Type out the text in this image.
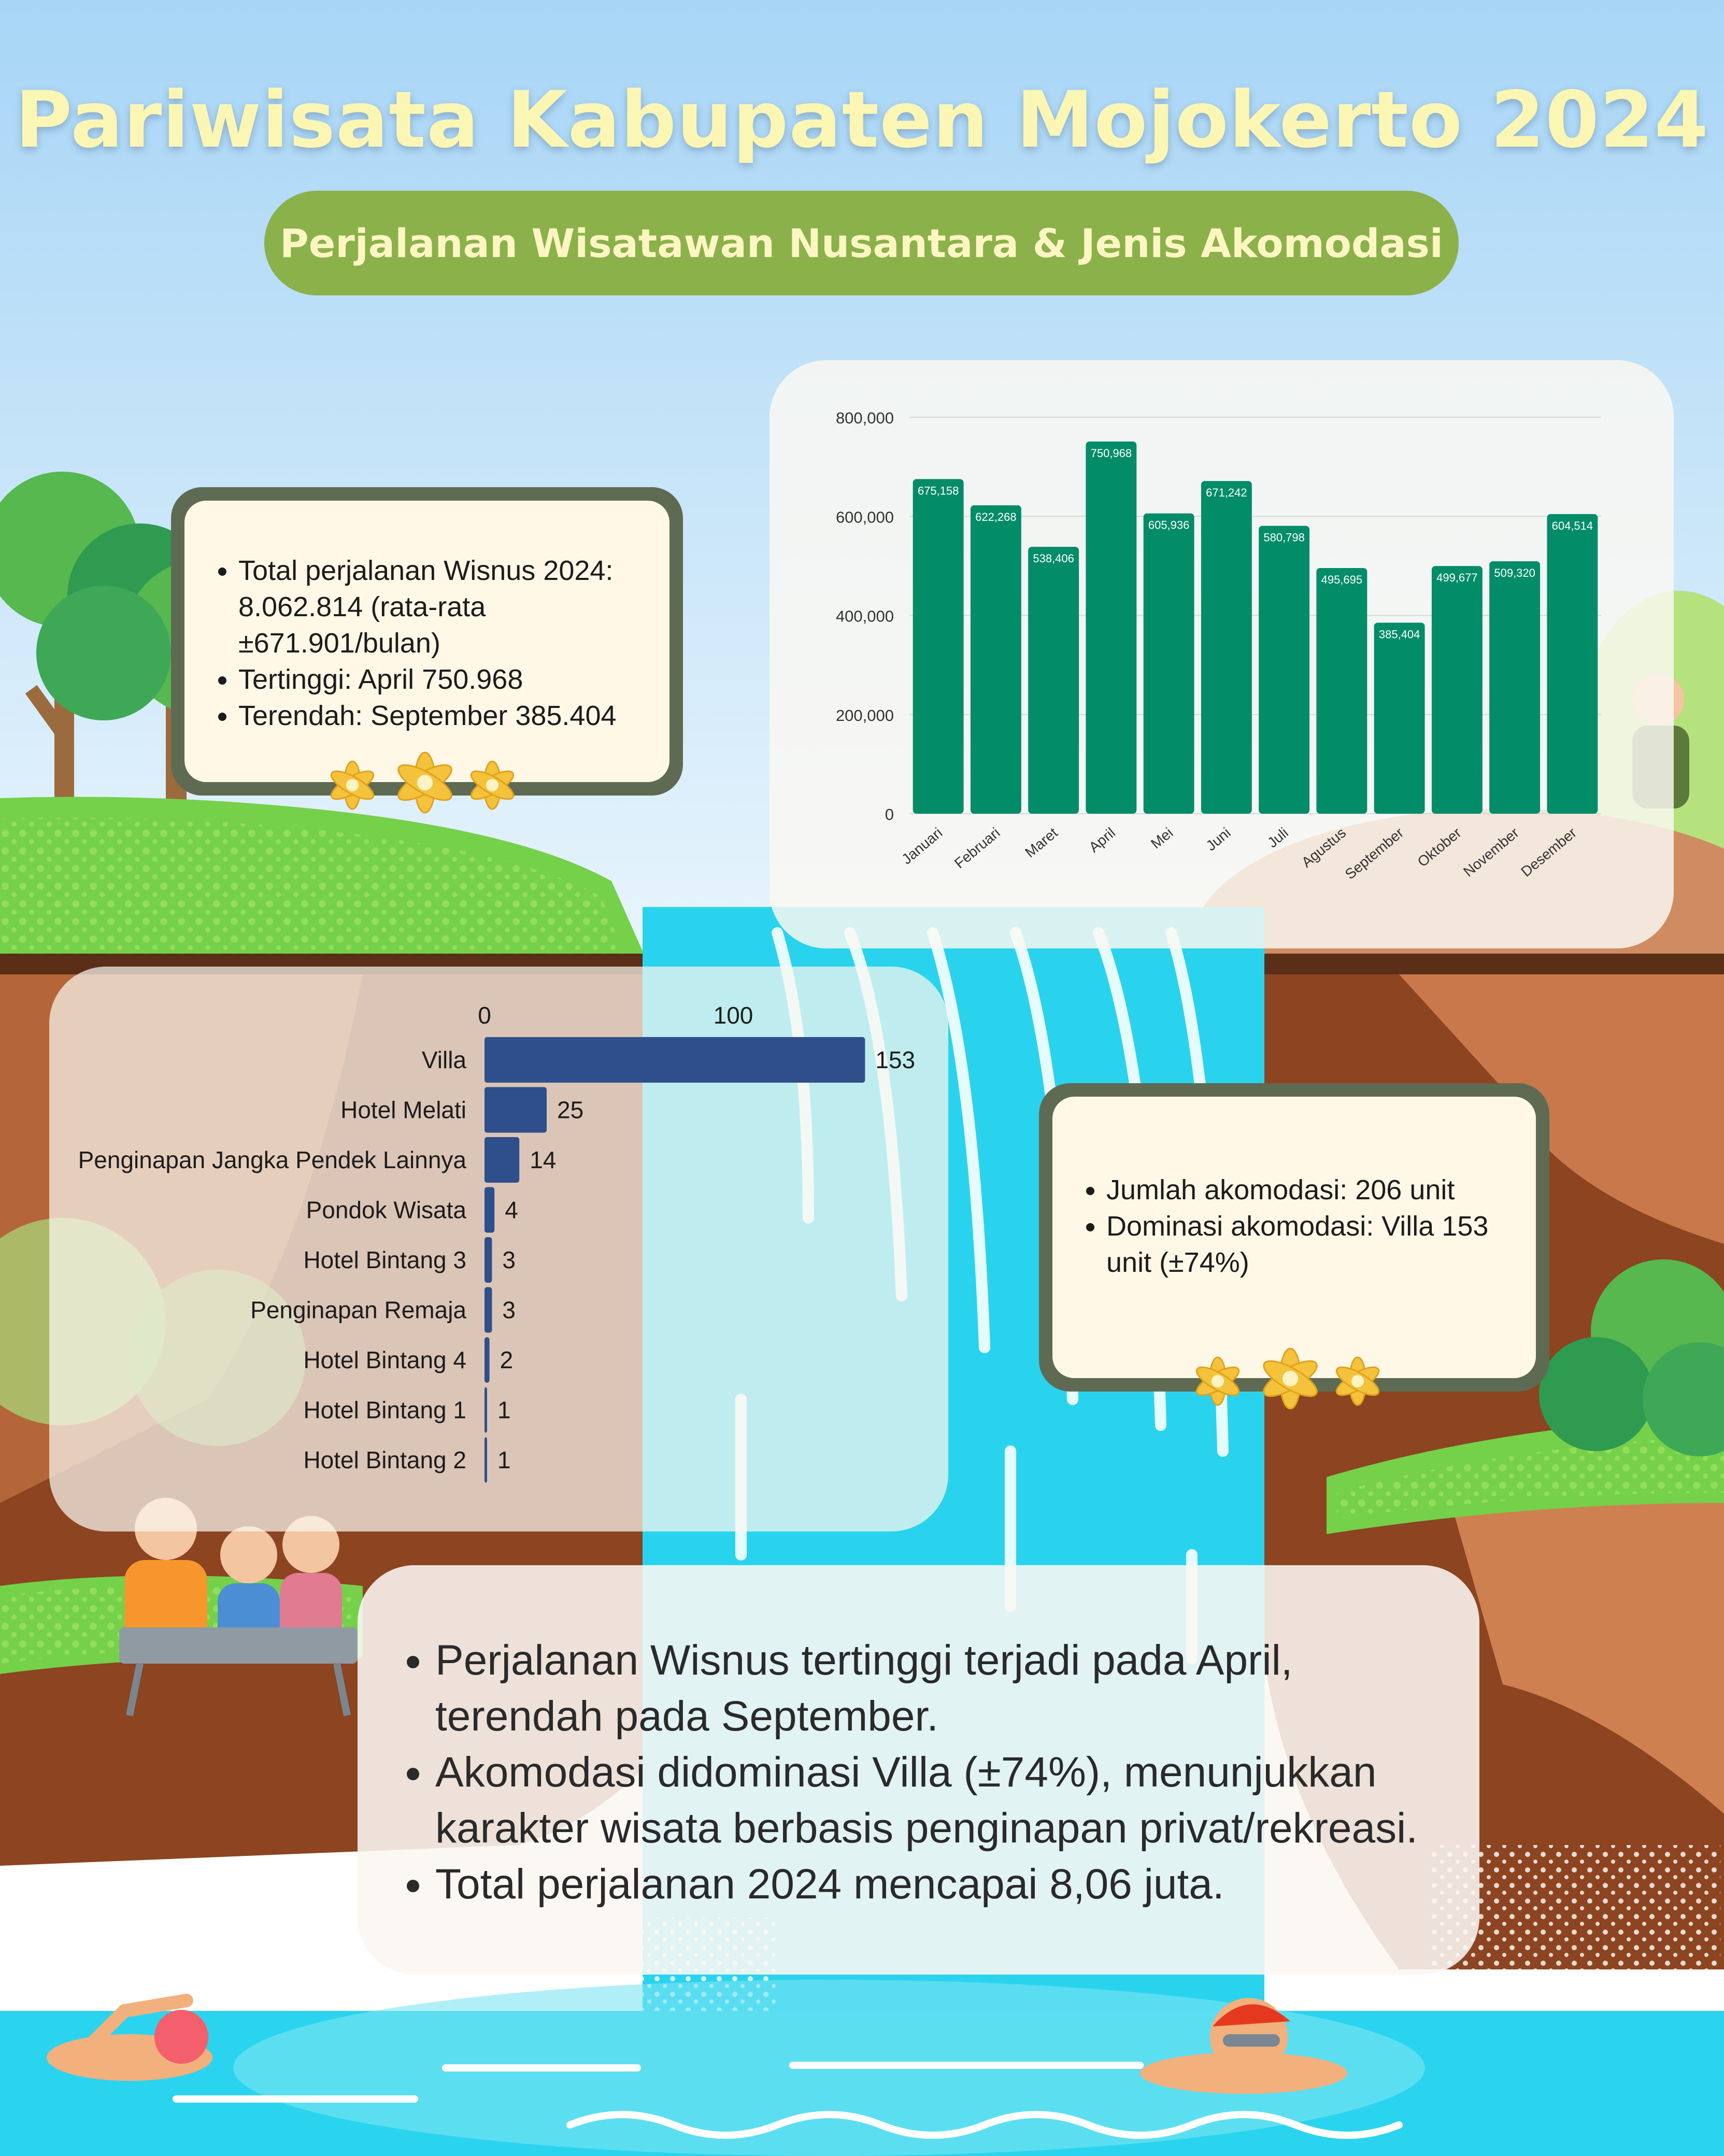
Pariwisata Kabupaten Mojokerto 2024
Perjalanan Wisatawan Nusantara & Jenis Akomodasi
0
200,000
400,000
600,000
800,000
675,158
Januari
622,268
Februari
538,406
Maret
750,968
April
605,936
Mei
671,242
Juni
580,798
Juli
495,695
Agustus
385,404
September
499,677
Oktober
509,320
November
604,514
Desember
• Total perjalanan Wisnus 2024: 8.062.814 (rata-rata ±671.901/bulan)
• Tertinggi: April 750.968
• Terendah: September 385.404
0	100
Villa	153
Hotel Melati	25
Penginapan Jangka Pendek Lainnya	14
Pondok Wisata 4
Hotel Bintang 3 3
Penginapan Remaja 3
Hotel Bintang 4 2
Hotel Bintang 1 1
Hotel Bintang 2 1
• Jumlah akomodasi: 206 unit
• Dominasi akomodasi: Villa 153 unit (±74%)
• Perjalanan Wisnus tertinggi terjadi pada April, terendah pada September.
• Akomodasi didominasi Villa (±74%), menunjukkan karakter wisata berbasis penginapan privat/rekreasi.
• Total perjalanan 2024 mencapai 8,06 juta.
